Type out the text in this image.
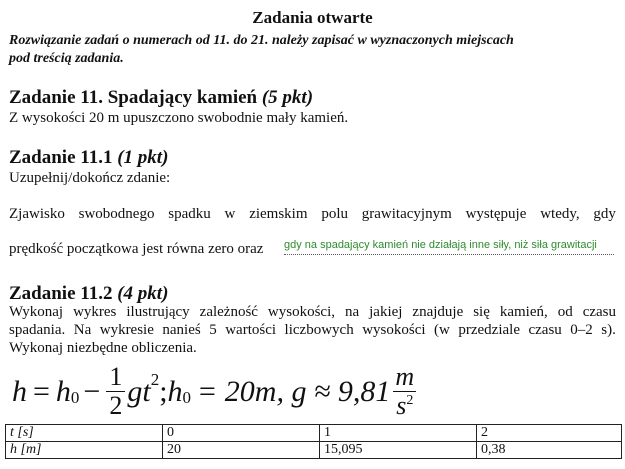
Zadania otwarte
Rozwiązanie zadań o numerach od 11. do 21. należy zapisać w wyznaczonych miejscach
pod treścią zadania.
Zadanie 11. Spadający kamień (5 pkt)
Z wysokości 20 m upuszczono swobodnie mały kamień.
Zadanie 11.1 (1 pkt)
Uzupełnij/dokończ zdanie:
Zjawisko swobodnego spadku w ziemskim polu grawitacyjnym występuje wtedy, gdy
prędkość początkowa jest równa zero oraz gdy na spadający kamień nie działają inne siły, niż siła grawitacji
Zadanie 11.2 (4 pkt)
Wykonaj wykres ilustrujący zależność wysokości, na jakiej znajduje się kamień, od czasu
spadania. Na wykresie nanieś 5 wartości liczbowych wysokości (w przedziale czasu 0–2 s).
Wykonaj niezbędne obliczenia.
$h = h_0 - \frac{1}{2} gt^2$ ; $h_0 = 20m$, $g \approx 9,81 \frac{m}{s^2}$
t [s]	0	1	2
h [m]	20	15,095	0,38
